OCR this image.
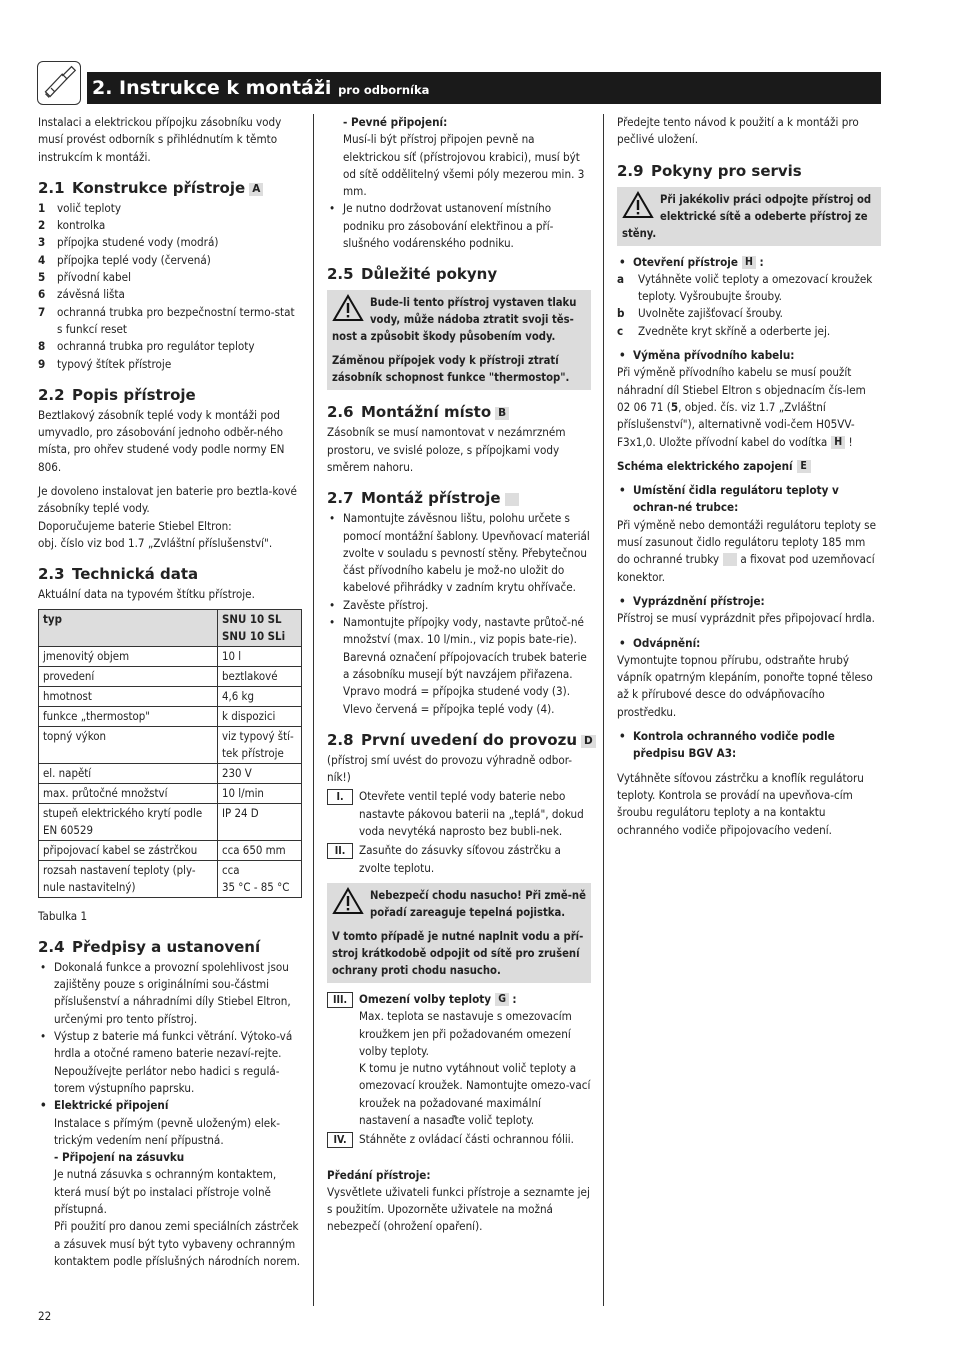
2. Instrukce k montáži pro odborníka

Instalaci a elektrickou přípojku zásobníku vody musí provést odborník s přihlédnutím k těmto instrukcím k montáži.

2.1 Konstrukce přístroje A
1 volič teploty
2 kontrolka
3 přípojka studené vody (modrá)
4 přípojka teplé vody (červená)
5 přívodní kabel
6 závěsná lišta
7 ochranná trubka pro bezpečnostní termo-stat s funkcí reset
8 ochranná trubka pro regulátor teploty
9 typový štítek přístroje
2.2 Popis přístroje

Beztlakový zásobník teplé vody k montáži pod umyvadlo, pro zásobování jednoho odběr-ného místa, pro ohřev studené vody podle normy EN 806.

Je dovoleno instalovat jen baterie pro beztla-kové zásobníky teplé vody.

Doporučujeme baterie Stiebel Eltron:

obj. číslo viz bod 1.7 „Zvláštní příslušenství".

2.3 Technická data

Aktuální data na typovém štítku přístroje.

typ	SNU 10 SL
SNU 10 SLi
jmenovitý objem	10 l
provedení	beztlakové
hmotnost	4,6 kg
funkce „thermostop"	k dispozici
topný výkon	viz typový ští-tek přístroje
el. napětí	230 V
max. průtočné množství	10 l/min
stupeň elektrického krytí podle EN 60529	IP 24 D
připojovací kabel se zástrčkou	cca 650 mm
rozsah nastavení teploty (ply-nule nastavitelný)	cca
35 °C - 85 °C

Tabulka 1

2.4 Předpisy a ustanovení
• Dokonalá funkce a provozní spolehlivost jsou zajištěny pouze s originálními sou-částmi příslušenství a náhradními díly Stiebel Eltron, určenými pro tento přístroj.
• Výstup z baterie má funkci větrání. Výtoko-vá hrdla a otočné rameno baterie nezaví-rejte.

Nepoužívejte perlátor nebo hadici s regulá-torem výstupního paprsku.

• Elektrické připojení

Instalace s přímým (pevně uloženým) elek-trickým vedením není přípustná.

- Připojení na zásuvku

Je nutná zásuvka s ochranným kontaktem, která musí být po instalaci přístroje volně přístupná.

Při použití pro danou zemi speciálních zástrček a zásuvek musí být tyto vybaveny ochranným kontaktem podle příslušných národních norem.

- Pevné připojení:

Musí-li být přístroj připojen pevně na elektrickou síť (přístrojovou krabici), musí být od sítě oddělitelný všemi póly mezerou min. 3 mm.

• Je nutno dodržovat ustanovení místního podniku pro zásobování elektřinou a pří-slušného vodárenského podniku.
2.5 Důležité pokyny

Bude-li tento přístroj vystaven tlaku vody, může nádoba ztratit svoji těs-nost a způsobit škody působením vody.

Záměnou přípojek vody k přístroji ztratí zásobník schopnost funkce "thermostop".

2.6 Montážní místo B

Zásobník se musí namontovat v nezámrzném prostoru, ve svislé poloze, s přípojkami vody směrem nahoru.

2.7 Montáž přístroje
• Namontujte závěsnou lištu, polohu určete s pomocí montážní šablony. Upevňovací materiál zvolte v souladu s pevností stěny. Přebytečnou část přívodního kabelu je mož-no uložit do kabelové přihrádky v zadním krytu ohřívače.
• Zavěste přístroj.
• Namontujte přípojky vody, nastavte průtoč-né množství (max. 10 l/min., viz popis bate-rie). Barevná označení přípojovacích trubek baterie a zásobníku musejí být navzájem přiřazena.
Vpravo modrá = přípojka studené vody (3).
Vlevo červená = přípojka teplé vody (4).
2.8 První uvedení do provozu D

(přístroj smí uvést do provozu výhradně odbor-ník!)

I.	Otevřete ventil teplé vody baterie nebo nastavte pákovou baterii na „teplá", dokud voda nevytéká naprosto bez bubli-nek.
II.	Zasuňte do zásuvky síťovou zástrčku a zvolte teplotu.

Nebezpečí chodu nasucho! Při změ-ně pořadí zareaguje tepelná pojistka.

V tomto případě je nutné naplnit vodu a pří-stroj krátkodobě odpojit od sítě pro zrušení ochrany proti chodu nasucho.

III.	Omezení volby teploty G :
Max. teplota se nastavuje s omezovacím kroužkem jen při požadovaném omezení volby teploty.
K tomu je nutno vytáhnout volič teploty a omezovací kroužek. Namontujte omezo-vací kroužek na požadované maximální nastavení a nasaďte volič teploty.
IV.	Stáhněte z ovládací části ochrannou fólii.

Předání přístroje:

Vysvětlete uživateli funkci přístroje a seznamte jej s použitím. Upozorněte uživatele na možná nebezpečí (ohrožení opaření).

Předejte tento návod k použití a k montáži pro pečlivé uložení.

2.9 Pokyny pro servis

Při jakékoliv práci odpojte přístroj od elektrické sítě a odeberte přístroj ze stěny.

• Otevření přístroje H :
a Vytáhněte volič teploty a omezovací kroužek teploty. Vyšroubujte šrouby.
b Uvolněte zajišťovací šrouby.
c Zvedněte kryt skříně a oderberte jej.
• Výměna přívodního kabelu:

Při výměně přívodního kabelu se musí použít náhradní díl Stiebel Eltron s objednacím čís-lem 02 06 71 (5, objed. čís. viz 1.7 „Zvláštní příslušenství"), alternativně vodi-čem H05VV-F3x1,0. Uložte přívodní kabel do vodítka H !

Schéma elektrického zapojení E

• Umístění čidla regulátoru teploty v ochran-né trubce:

Při výměně nebo demontáži regulátoru teploty se musí zasunout čidlo regulátoru teploty 185 mm do ochranné trubky a fixovat pod uzemňovací konektor.

• Vyprázdnění přístroje:

Přístroj se musí vyprázdnit přes připojovací hrdla.

• Odvápnění:

Vymontujte topnou přírubu, odstraňte hrubý vápník opatrným klepáním, ponořte topné těleso až k přírubové desce do odvápňovacího prostředku.

• Kontrola ochranného vodiče podle předpisu BGV A3:

Vytáhněte síťovou zástrčku a knoflík regulátoru teploty. Kontrola se provádí na upevňova-cím šroubu regulátoru teploty a na kontaktu ochranného vodiče připojovacího vedení.

22
